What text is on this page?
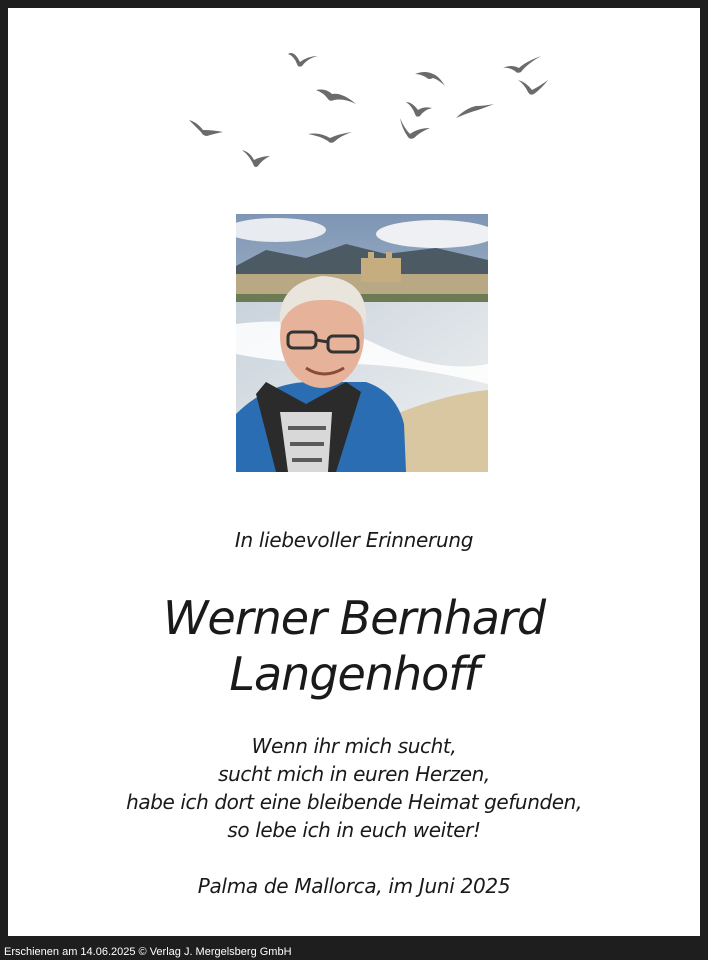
In liebevoller Erinnerung
Werner Bernhard
Langenhoff
Wenn ihr mich sucht,
sucht mich in euren Herzen,
habe ich dort eine bleibende Heimat gefunden,
so lebe ich in euch weiter!
Palma de Mallorca, im Juni 2025
Erschienen am 14.06.2025 © Verlag J. Mergelsberg GmbH
